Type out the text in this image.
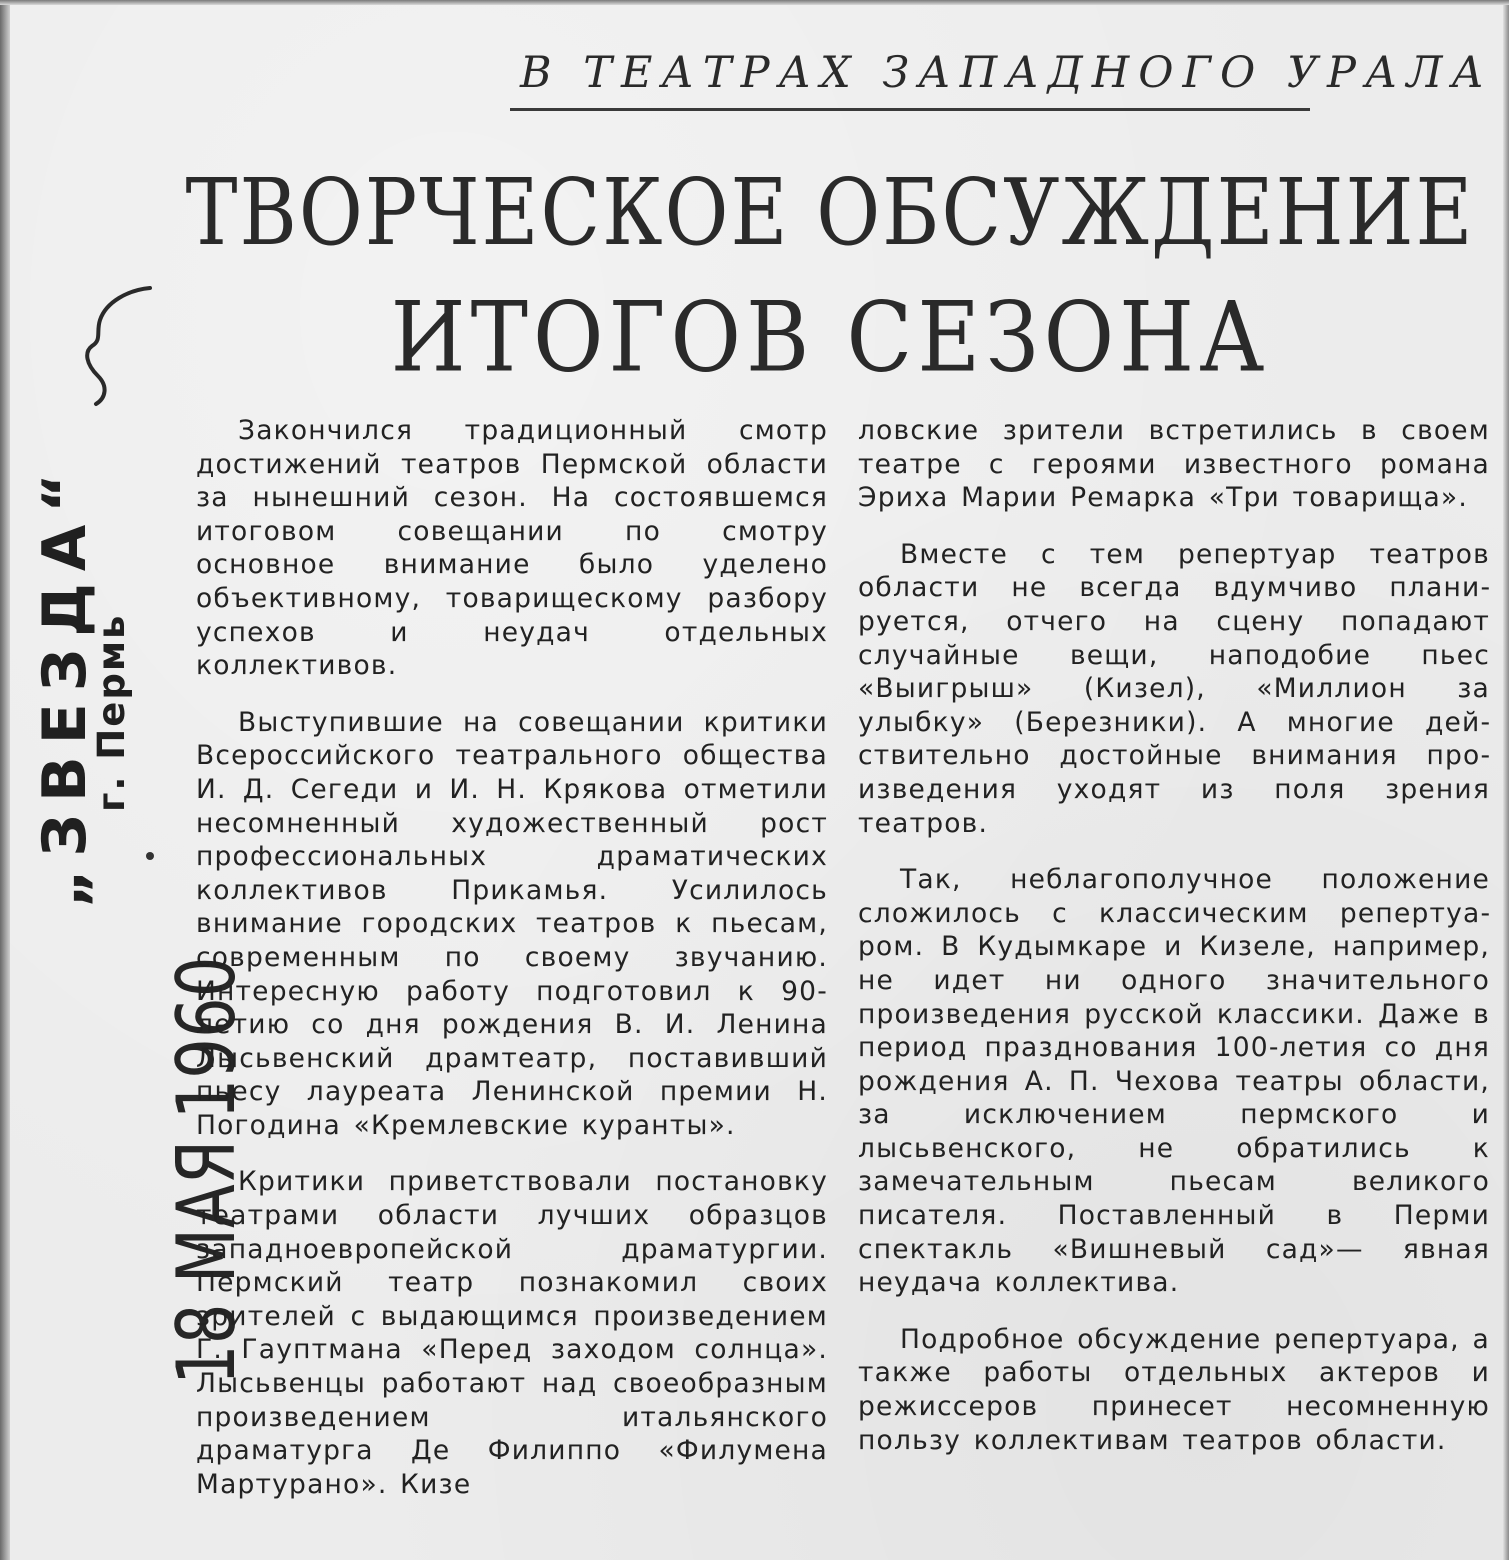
В ТЕАТРАХ ЗАПАДНОГО УРАЛА
ТВОРЧЕСКОЕ ОБСУЖДЕНИЕ
ИТОГОВ СЕЗОНА
„ЗВЕЗДА“
г. Пермь
18 МАЯ 1960

Закончился традиционный смотр достижений театров Пермской области за нынешний сезон. На состоявшемся итоговом совещании по смотру основное внимание было уделено объективному, товарищескому разбору успехов и неудач отдельных коллективов.

Выступившие на совещании критики Всероссийского театрального общества И. Д. Сегеди и И. Н. Крякова отметили несомненный художественный рост профессиональных драматических коллективов Прикамья. Усилилось внимание городских театров к пьесам, современным по своему звучанию. Интересную работу подготовил к 90-летию со дня рождения В. И. Ленина Лысьвенский драмтеатр, поставивший пьесу лауреата Ленинской премии Н. Погодина «Кремлевские куранты».

Критики приветствовали постановку театрами области лучших образцов западноевропейской драматургии. Пермский театр познакомил своих зрителей с выдающимся произведением Г. Гауптмана «Перед заходом солнца». Лысьвенцы работают над своеобразным произведением итальянского драматурга Де Филиппо «Филумена Мартурано». Кизе

ловские зрители встретились в своем театре с героями известного романа Эриха Марии Ремарка «Три товарища».

Вместе с тем репертуар театров области не всегда вдумчиво планируется, отчего на сцену попадают случайные вещи, наподобие пьес «Выигрыш» (Кизел), «Миллион за улыбку» (Березники). А многие действительно достойные внимания произведения уходят из поля зрения театров.

Так, неблагополучное положение сложилось с классическим репертуаром. В Кудымкаре и Кизеле, например, не идет ни одного значительного произведения русской классики. Даже в период празднования 100-летия со дня рождения А. П. Чехова театры области, за исключением пермского и лысьвенского, не обратились к замечательным пьесам великого писателя. Поставленный в Перми спектакль «Вишневый сад»— явная неудача коллектива.

Подробное обсуждение репертуара, а также работы отдельных актеров и режиссеров принесет несомненную пользу коллективам театров области.
